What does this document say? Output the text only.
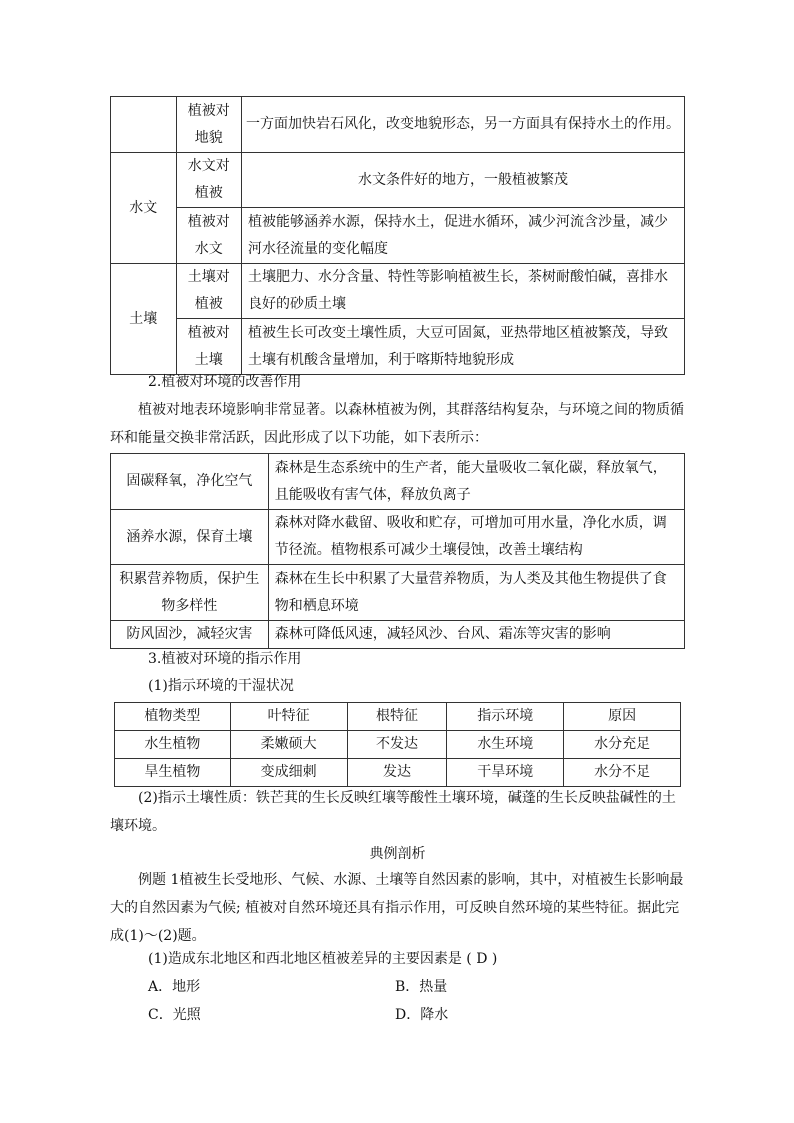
	植被对地貌	一方面加快岩石风化，改变地貌形态，另一方面具有保持水土的作用。
水文	水文对植被	水文条件好的地方，一般植被繁茂
	植被对水文	植被能够涵养水源，保持水土，促进水循环，减少河流含沙量，减少河水径流量的变化幅度
土壤	土壤对植被	土壤肥力、水分含量、特性等影响植被生长，茶树耐酸怕碱，喜排水良好的砂质土壤
	植被对土壤	植被生长可改变土壤性质，大豆可固氮，亚热带地区植被繁茂，导致土壤有机酸含量增加，利于喀斯特地貌形成

2.植被对环境的改善作用

植被对地表环境影响非常显著。以森林植被为例，其群落结构复杂，与环境之间的物质循环和能量交换非常活跃，因此形成了以下功能，如下表所示：

固碳释氧，净化空气	森林是生态系统中的生产者，能大量吸收二氧化碳，释放氧气，且能吸收有害气体，释放负离子
涵养水源，保育土壤	森林对降水截留、吸收和贮存，可增加可用水量，净化水质，调节径流。植物根系可减少土壤侵蚀，改善土壤结构
积累营养物质，保护生物多样性	森林在生长中积累了大量营养物质，为人类及其他生物提供了食物和栖息环境
防风固沙，减轻灾害	森林可降低风速，减轻风沙、台风、霜冻等灾害的影响

3.植被对环境的指示作用

(1)指示环境的干湿状况

植物类型	叶特征	根特征	指示环境	原因
水生植物	柔嫩硕大	不发达	水生环境	水分充足
旱生植物	变成细刺	发达	干旱环境	水分不足

(2)指示土壤性质：铁芒萁的生长反映红壤等酸性土壤环境，碱蓬的生长反映盐碱性的土壤环境。

典例剖析

例题 1植被生长受地形、气候、水源、土壤等自然因素的影响，其中，对植被生长影响最大的自然因素为气候; 植被对自然环境还具有指示作用，可反映自然环境的某些特征。据此完成(1)～(2)题。

(1)造成东北地区和西北地区植被差异的主要因素是 ( D )

A．地形	B．热量

C．光照	D．降水
